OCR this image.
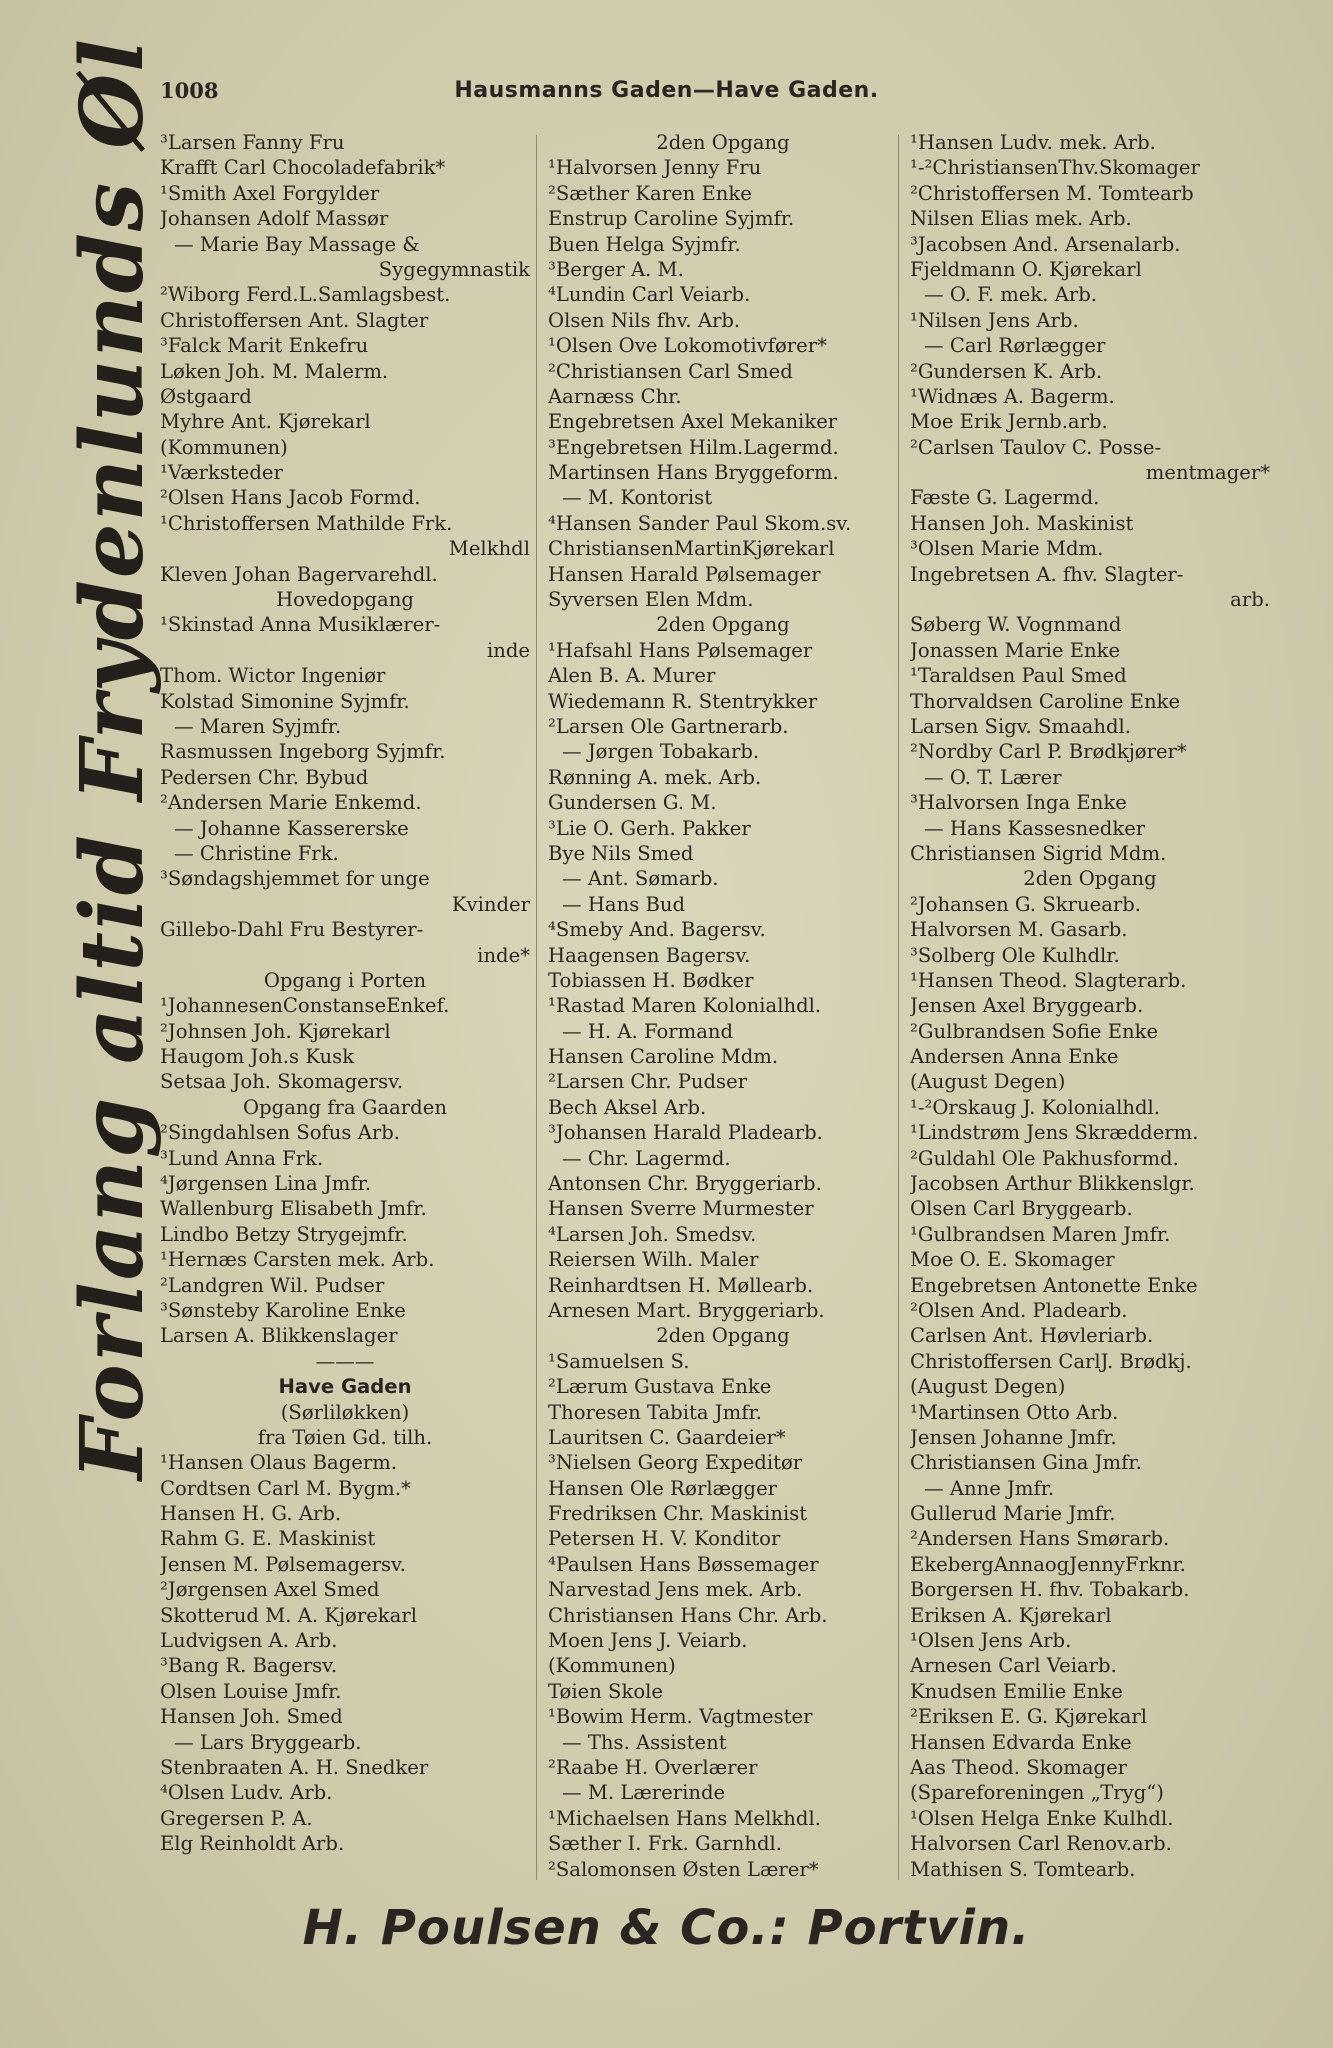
1008	Hausmanns Gaden—Have Gaden.
Forlang altid Frydenlunds Øl
³Larsen Fanny Fru
Krafft Carl Chocoladefabrik*
¹Smith Axel Forgylder
Johansen Adolf Massør
— Marie Bay Massage &
Sygegymnastik
²Wiborg Ferd.L.Samlagsbest.
Christoffersen Ant. Slagter
³Falck Marit Enkefru
Løken Joh. M. Malerm.
Østgaard
Myhre Ant. Kjørekarl
(Kommunen)
¹Værksteder
²Olsen Hans Jacob Formd.
¹Christoffersen Mathilde Frk.
Melkhdl
Kleven Johan Bagervarehdl.
Hovedopgang
¹Skinstad Anna Musiklærer-
inde
Thom. Wictor Ingeniør
Kolstad Simonine Syjmfr.
— Maren Syjmfr.
Rasmussen Ingeborg Syjmfr.
Pedersen Chr. Bybud
²Andersen Marie Enkemd.
— Johanne Kassererske
— Christine Frk.
³Søndagshjemmet for unge
Kvinder
Gillebo-Dahl Fru Bestyrer-
inde*
Opgang i Porten
¹JohannesenConstanseEnkef.
²Johnsen Joh. Kjørekarl
Haugom Joh.s Kusk
Setsaa Joh. Skomagersv.
Opgang fra Gaarden
²Singdahlsen Sofus Arb.
³Lund Anna Frk.
⁴Jørgensen Lina Jmfr.
Wallenburg Elisabeth Jmfr.
Lindbo Betzy Strygejmfr.
¹Hernæs Carsten mek. Arb.
²Landgren Wil. Pudser
³Sønsteby Karoline Enke
Larsen A. Blikkenslager
———
Have Gaden
(Sørliløkken)
fra Tøien Gd. tilh.
¹Hansen Olaus Bagerm.
Cordtsen Carl M. Bygm.*
Hansen H. G. Arb.
Rahm G. E. Maskinist
Jensen M. Pølsemagersv.
²Jørgensen Axel Smed
Skotterud M. A. Kjørekarl
Ludvigsen A. Arb.
³Bang R. Bagersv.
Olsen Louise Jmfr.
Hansen Joh. Smed
— Lars Bryggearb.
Stenbraaten A. H. Snedker
⁴Olsen Ludv. Arb.
Gregersen P. A.
Elg Reinholdt Arb.
2den Opgang
¹Halvorsen Jenny Fru
²Sæther Karen Enke
Enstrup Caroline Syjmfr.
Buen Helga Syjmfr.
³Berger A. M.
⁴Lundin Carl Veiarb.
Olsen Nils fhv. Arb.
¹Olsen Ove Lokomotivfører*
²Christiansen Carl Smed
Aarnæss Chr.
Engebretsen Axel Mekaniker
³Engebretsen Hilm.Lagermd.
Martinsen Hans Bryggeform.
— M. Kontorist
⁴Hansen Sander Paul Skom.sv.
ChristiansenMartinKjørekarl
Hansen Harald Pølsemager
Syversen Elen Mdm.
2den Opgang
¹Hafsahl Hans Pølsemager
Alen B. A. Murer
Wiedemann R. Stentrykker
²Larsen Ole Gartnerarb.
— Jørgen Tobakarb.
Rønning A. mek. Arb.
Gundersen G. M.
³Lie O. Gerh. Pakker
Bye Nils Smed
— Ant. Sømarb.
— Hans Bud
⁴Smeby And. Bagersv.
Haagensen Bagersv.
Tobiassen H. Bødker
¹Rastad Maren Kolonialhdl.
— H. A. Formand
Hansen Caroline Mdm.
²Larsen Chr. Pudser
Bech Aksel Arb.
³Johansen Harald Pladearb.
— Chr. Lagermd.
Antonsen Chr. Bryggeriarb.
Hansen Sverre Murmester
⁴Larsen Joh. Smedsv.
Reiersen Wilh. Maler
Reinhardtsen H. Møllearb.
Arnesen Mart. Bryggeriarb.
2den Opgang
¹Samuelsen S.
²Lærum Gustava Enke
Thoresen Tabita Jmfr.
Lauritsen C. Gaardeier*
³Nielsen Georg Expeditør
Hansen Ole Rørlægger
Fredriksen Chr. Maskinist
Petersen H. V. Konditor
⁴Paulsen Hans Bøssemager
Narvestad Jens mek. Arb.
Christiansen Hans Chr. Arb.
Moen Jens J. Veiarb.
(Kommunen)
Tøien Skole
¹Bowim Herm. Vagtmester
— Ths. Assistent
²Raabe H. Overlærer
— M. Lærerinde
¹Michaelsen Hans Melkhdl.
Sæther I. Frk. Garnhdl.
²Salomonsen Østen Lærer*
¹Hansen Ludv. mek. Arb.
¹-²ChristiansenThv.Skomager
²Christoffersen M. Tomtearb
Nilsen Elias mek. Arb.
³Jacobsen And. Arsenalarb.
Fjeldmann O. Kjørekarl
— O. F. mek. Arb.
¹Nilsen Jens Arb.
— Carl Rørlægger
²Gundersen K. Arb.
¹Widnæs A. Bagerm.
Moe Erik Jernb.arb.
²Carlsen Taulov C. Posse-
mentmager*
Fæste G. Lagermd.
Hansen Joh. Maskinist
³Olsen Marie Mdm.
Ingebretsen A. fhv. Slagter-
arb.
Søberg W. Vognmand
Jonassen Marie Enke
¹Taraldsen Paul Smed
Thorvaldsen Caroline Enke
Larsen Sigv. Smaahdl.
²Nordby Carl P. Brødkjører*
— O. T. Lærer
³Halvorsen Inga Enke
— Hans Kassesnedker
Christiansen Sigrid Mdm.
2den Opgang
²Johansen G. Skruearb.
Halvorsen M. Gasarb.
³Solberg Ole Kulhdlr.
¹Hansen Theod. Slagterarb.
Jensen Axel Bryggearb.
²Gulbrandsen Sofie Enke
Andersen Anna Enke
(August Degen)
¹-²Orskaug J. Kolonialhdl.
¹Lindstrøm Jens Skrædderm.
²Guldahl Ole Pakhusformd.
Jacobsen Arthur Blikkenslgr.
Olsen Carl Bryggearb.
¹Gulbrandsen Maren Jmfr.
Moe O. E. Skomager
Engebretsen Antonette Enke
²Olsen And. Pladearb.
Carlsen Ant. Høvleriarb.
Christoffersen CarlJ. Brødkj.
(August Degen)
¹Martinsen Otto Arb.
Jensen Johanne Jmfr.
Christiansen Gina Jmfr.
— Anne Jmfr.
Gullerud Marie Jmfr.
²Andersen Hans Smørarb.
EkebergAnnaogJennyFrknr.
Borgersen H. fhv. Tobakarb.
Eriksen A. Kjørekarl
¹Olsen Jens Arb.
Arnesen Carl Veiarb.
Knudsen Emilie Enke
²Eriksen E. G. Kjørekarl
Hansen Edvarda Enke
Aas Theod. Skomager
(Spareforeningen „Tryg“)
¹Olsen Helga Enke Kulhdl.
Halvorsen Carl Renov.arb.
Mathisen S. Tomtearb.
H. Poulsen & Co.: Portvin.
